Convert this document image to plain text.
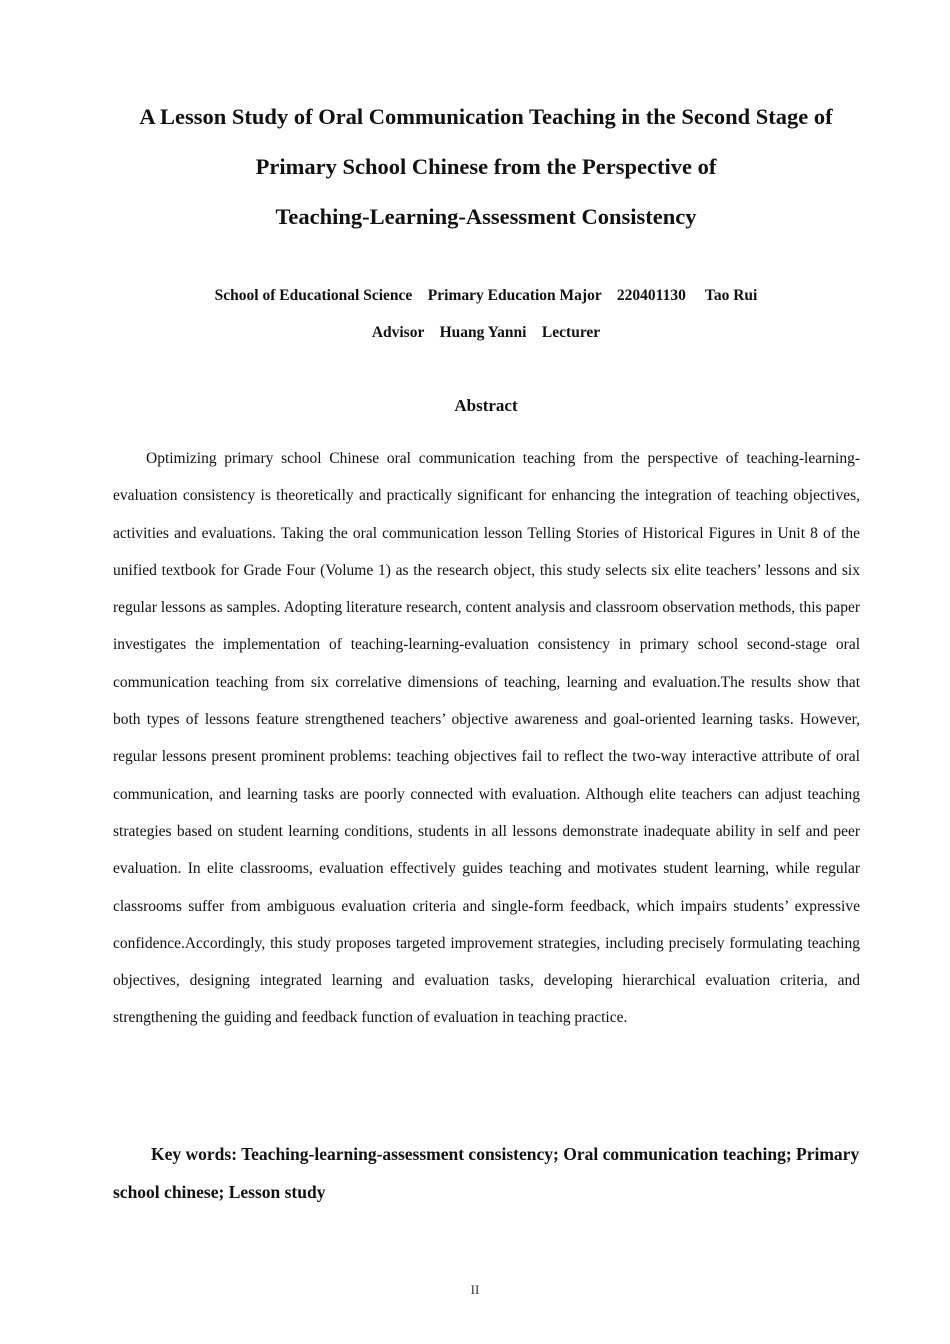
A Lesson Study of Oral Communication Teaching in the Second Stage of
Primary School Chinese from the Perspective of
Teaching-Learning-Assessment Consistency
School of Educational Science    Primary Education Major    220401130     Tao Rui
Advisor    Huang Yanni    Lecturer
Abstract

Optimizing primary school Chinese oral communication teaching from the perspective of teaching-learning-evaluation consistency is theoretically and practically significant for enhancing the integration of teaching objectives, activities and evaluations. Taking the oral communication lesson Telling Stories of Historical Figures in Unit 8 of the unified textbook for Grade Four (Volume 1) as the research object, this study selects six elite teachers’ lessons and six regular lessons as samples. Adopting literature research, content analysis and classroom observation methods, this paper investigates the implementation of teaching-learning-evaluation consistency in primary school second-stage oral communication teaching from six correlative dimensions of teaching, learning and evaluation.The results show that both types of lessons feature strengthened teachers’ objective awareness and goal-oriented learning tasks. However, regular lessons present prominent problems: teaching objectives fail to reflect the two-way interactive attribute of oral communication, and learning tasks are poorly connected with evaluation. Although elite teachers can adjust teaching strategies based on student learning conditions, students in all lessons demonstrate inadequate ability in self and peer evaluation. In elite classrooms, evaluation effectively guides teaching and motivates student learning, while regular classrooms suffer from ambiguous evaluation criteria and single-form feedback, which impairs students’ expressive confidence.Accordingly, this study proposes targeted improvement strategies, including precisely formulating teaching objectives, designing integrated learning and evaluation tasks, developing hierarchical evaluation criteria, and strengthening the guiding and feedback function of evaluation in teaching practice.

Key words: Teaching-learning-assessment consistency; Oral communication teaching; Primary school chinese; Lesson study

II
